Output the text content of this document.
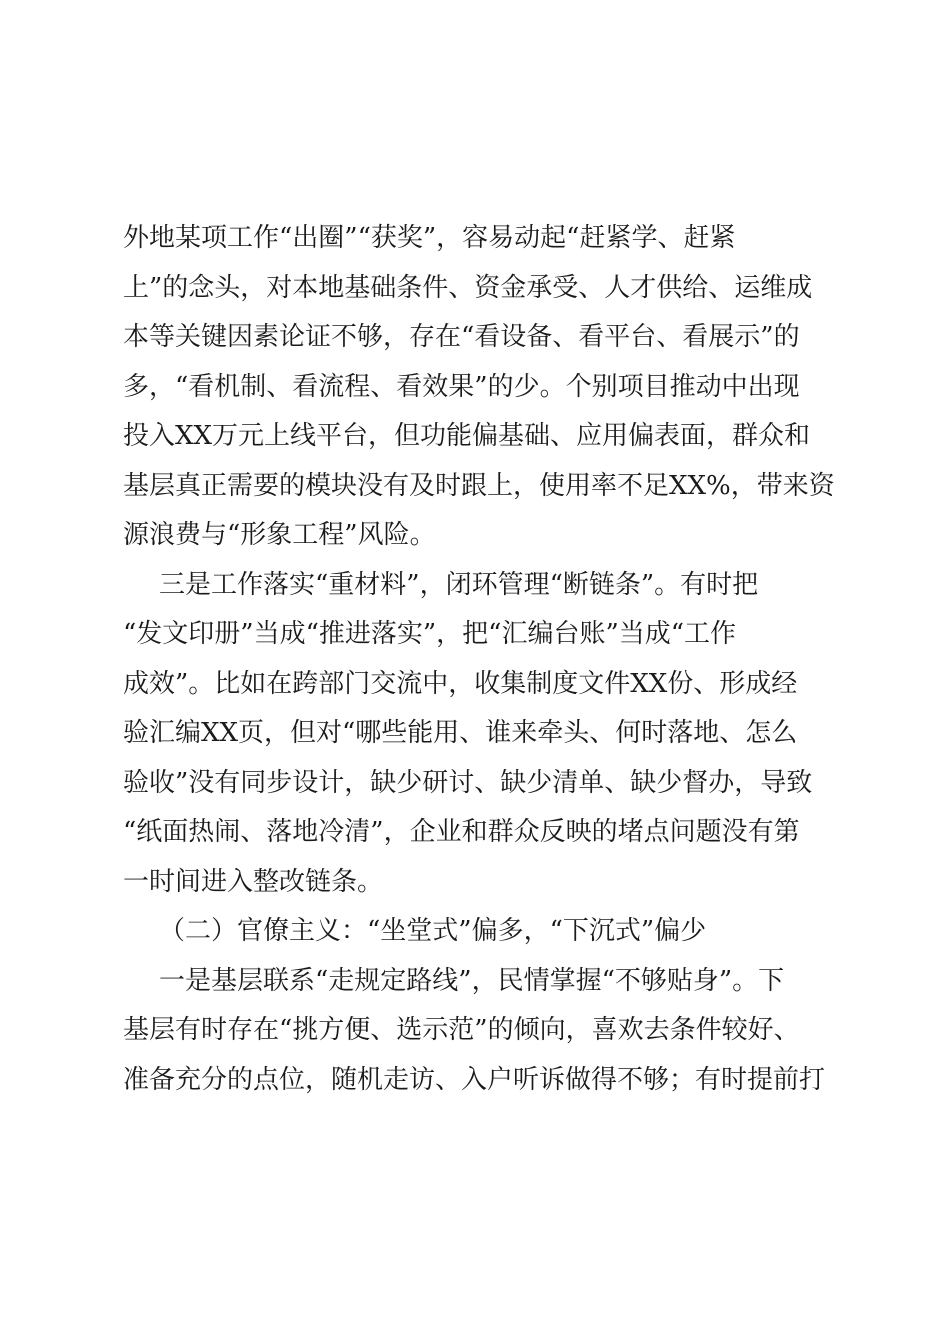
外地某项工作“出圈”“获奖”，容易动起“赶紧学、赶紧
上”的念头，对本地基础条件、资金承受、人才供给、运维成
本等关键因素论证不够，存在“看设备、看平台、看展示”的
多，“看机制、看流程、看效果”的少。个别项目推动中出现
投入XX万元上线平台，但功能偏基础、应用偏表面，群众和
基层真正需要的模块没有及时跟上，使用率不足XX%，带来资
源浪费与“形象工程”风险。
三是工作落实“重材料”，闭环管理“断链条”。有时把
“发文印册”当成“推进落实”，把“汇编台账”当成“工作
成效”。比如在跨部门交流中，收集制度文件XX份、形成经
验汇编XX页，但对“哪些能用、谁来牵头、何时落地、怎么
验收”没有同步设计，缺少研讨、缺少清单、缺少督办，导致
“纸面热闹、落地冷清”，企业和群众反映的堵点问题没有第
一时间进入整改链条。
（二）官僚主义：“坐堂式”偏多，“下沉式”偏少
一是基层联系“走规定路线”，民情掌握“不够贴身”。下
基层有时存在“挑方便、选示范”的倾向，喜欢去条件较好、
准备充分的点位，随机走访、入户听诉做得不够；有时提前打
